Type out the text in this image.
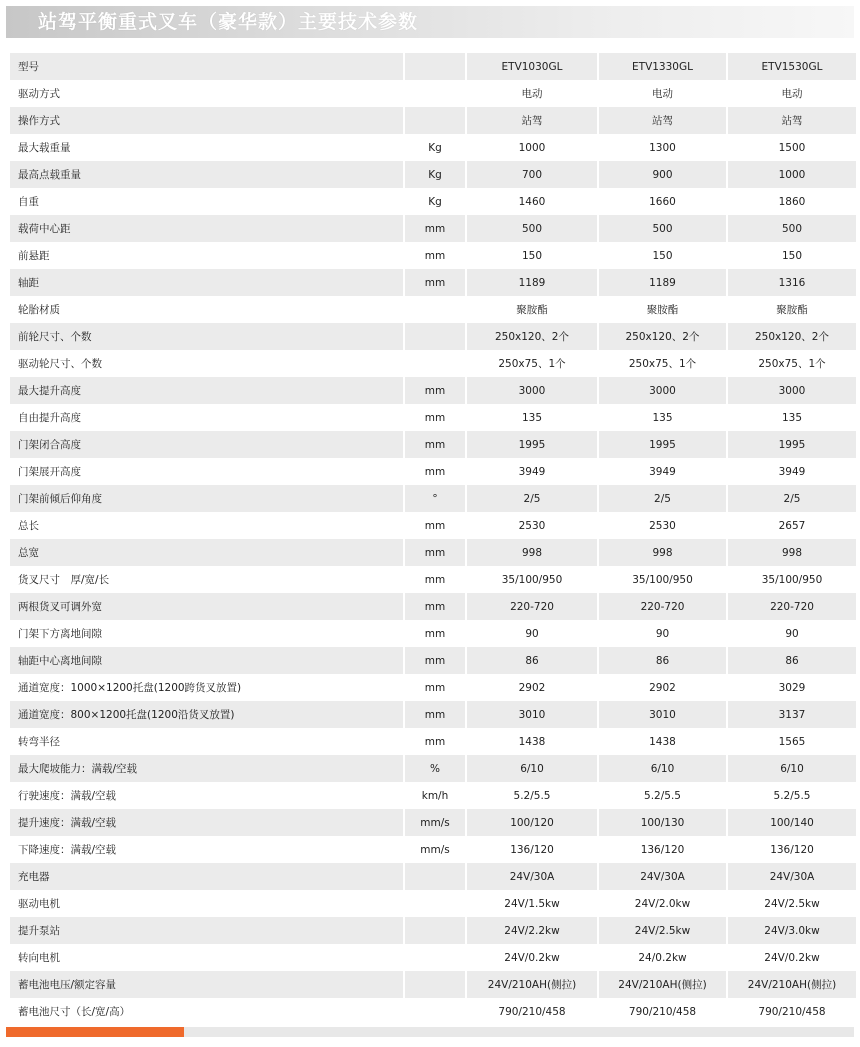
站驾平衡重式叉车（豪华款）主要技术参数
型号		ETV1030GL	ETV1330GL	ETV1530GL
驱动方式		电动	电动	电动
操作方式		站驾	站驾	站驾
最大载重量	Kg	1000	1300	1500
最高点载重量	Kg	700	900	1000
自重	Kg	1460	1660	1860
载荷中心距	mm	500	500	500
前悬距	mm	150	150	150
轴距	mm	1189	1189	1316
轮胎材质		聚胺酯	聚胺酯	聚胺酯
前轮尺寸、个数		250x120、2个	250x120、2个	250x120、2个
驱动轮尺寸、个数		250x75、1个	250x75、1个	250x75、1个
最大提升高度	mm	3000	3000	3000
自由提升高度	mm	135	135	135
门架闭合高度	mm	1995	1995	1995
门架展开高度	mm	3949	3949	3949
门架前倾后仰角度	°	2/5	2/5	2/5
总长	mm	2530	2530	2657
总宽	mm	998	998	998
货叉尺寸　厚/宽/长	mm	35/100/950	35/100/950	35/100/950
两根货叉可调外宽	mm	220-720	220-720	220-720
门架下方离地间隙	mm	90	90	90
轴距中心离地间隙	mm	86	86	86
通道宽度：1000×1200托盘(1200跨货叉放置)	mm	2902	2902	3029
通道宽度：800×1200托盘(1200沿货叉放置)	mm	3010	3010	3137
转弯半径	mm	1438	1438	1565
最大爬坡能力：满载/空载	%	6/10	6/10	6/10
行驶速度：满载/空载	km/h	5.2/5.5	5.2/5.5	5.2/5.5
提升速度：满载/空载	mm/s	100/120	100/130	100/140
下降速度：满载/空载	mm/s	136/120	136/120	136/120
充电器		24V/30A	24V/30A	24V/30A
驱动电机		24V/1.5kw	24V/2.0kw	24V/2.5kw
提升泵站		24V/2.2kw	24V/2.5kw	24V/3.0kw
转向电机		24V/0.2kw	24/0.2kw	24V/0.2kw
蓄电池电压/额定容量		24V/210AH(侧拉)	24V/210AH(侧拉)	24V/210AH(侧拉)
蓄电池尺寸（长/宽/高）		790/210/458	790/210/458	790/210/458
